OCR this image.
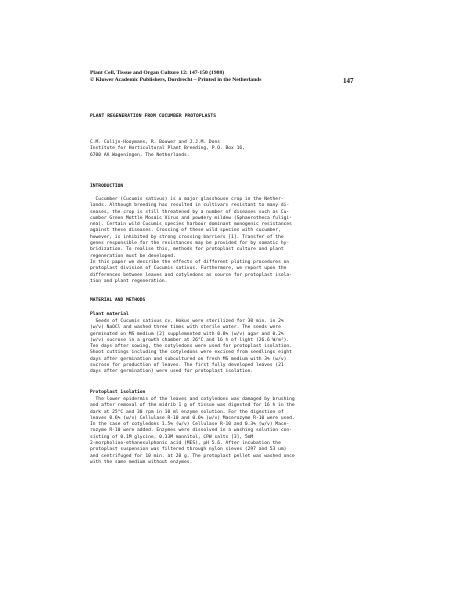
Plant Cell, Tissue and Organ Culture 12: 147-150 (1988)
© Kluwer Academic Publishers, Dordrecht – Printed in the Netherlands	147
PLANT REGENERATION FROM CUCUMBER PROTOPLASTS
C.M. Colijn-Hooymans, R. Bouwer and J.J.M. Dons
Institute for Horticultural Plant Breeding, P.O. Box 16,
6700 AA Wageningen, The Netherlands.
INTRODUCTION
Cucumber (Cucumis sativus) is a major glasshouse crop in the Nether-
lands. Although breeding has resulted in cultivars resistant to many di-
seases, the crop is still threatened by a number of diseases such as Cu-
cumber Green Mottle Mosaic Virus and powdery mildew (Sphaerotheca fuligi-
nea). Certain wild Cucumis species harbour dominant monogenic resistances
against these diseases. Crossing of these wild species with cucumber,
however, is inhibited by strong crossing barriers [1]. Transfer of the
genes responsible for the resistances may be provided for by somatic hy-
bridization. To realise this, methods for protoplast culture and plant
regeneration must be developed.
In this paper we describe the effects of different plating procedures on
protoplast division of Cucumis sativus. Furthermore, we report upon the
differences between leaves and cotyledons as source for protoplast isola-
tion and plant regeneration.
MATERIAL AND METHODS
Plant material
Seeds of Cucumis sativus cv. Hokus were sterilized for 30 min. in 2%
(w/v) NaOCl and washed three times with sterile water. The seeds were
germinated on MS medium [2] supplemented with 0.8% (w/v) agar and 0.2%
(w/v) sucrose in a growth chamber at 26°C and 16 h of light (26.6 W/m²).
Ten days after sowing, the cotyledons were used for protoplast isolation.
Shoot cuttings including the cotyledons were excised from seedlings eight
days after germination and subcultured on fresh MS medium with 3% (w/v)
sucrose for production of leaves. The first fully developed leaves (21
days after germination) were used for protoplast isolation.
Protoplast isolation
The lower epidermis of the leaves and cotyledons was damaged by brushing
and after removal of the midrib 1 g of tissue was digested for 16 h in the
dark at 25°C and 30 rpm in 10 ml enzyme solution. For the digestion of
leaves 0.6% (w/v) Cellulase R-10 and 0.6% (w/v) Macerozyme R-10 were used.
In the case of cotyledons 1.5% (w/v) Cellulase R-10 and 0.3% (w/v) Mace-
rozyme R-10 were added. Enzymes were dissolved in a washing solution con-
sisting of 0.1M glycine, 0.33M mannitol, CPW salts [3], 5mM
2-morpholino-ethanesulphonic acid (MES), pH 5.6. After incubation the
protoplast suspension was filtered through nylon sieves (297 and 53 um)
and centrifuged for 10 min. at 20 g. The protoplast pellet was washed once
with the same medium without enzymes.
